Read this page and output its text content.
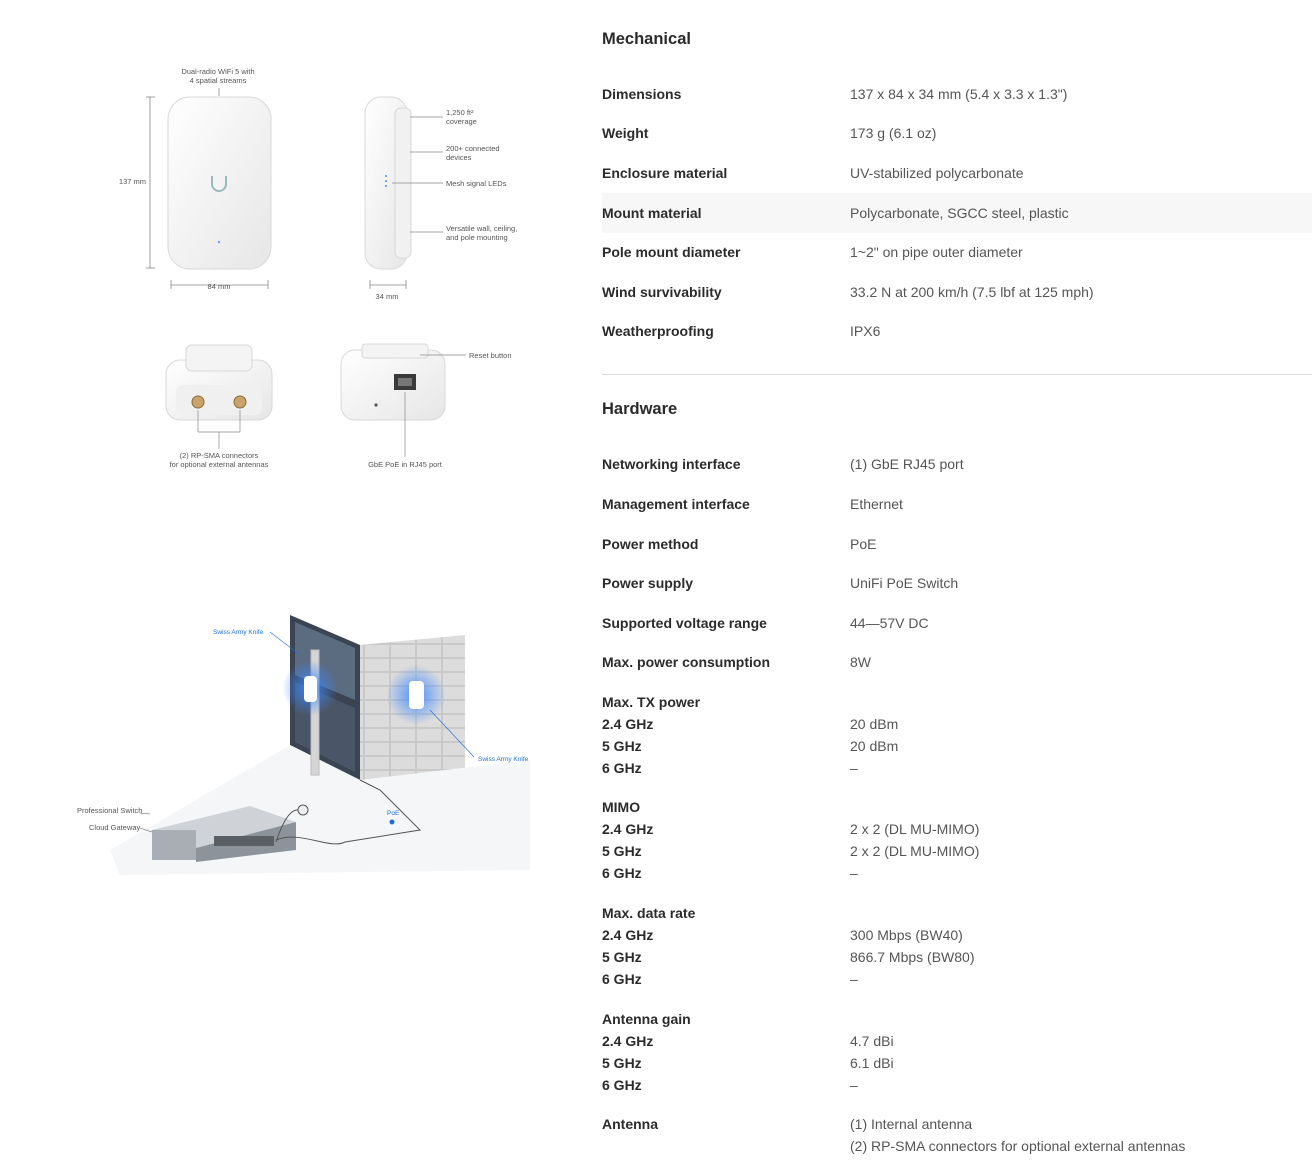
Dual-radio WiFi 5 with
4 spatial streams
137 mm
84 mm
1,250 ft²
coverage
200+ connected
devices
Mesh signal LEDs
Versatile wall, ceiling,
and pole mounting
34 mm
(2) RP-SMA connectors
for optional external antennas
Reset button
GbE PoE in RJ45 port
Swiss Army Knife
Swiss Army Knife
Professional Switch
Cloud Gateway
PoE
Mechanical
Dimensions	137 x 84 x 34 mm (5.4 x 3.3 x 1.3")
Weight	173 g (6.1 oz)
Enclosure material	UV-stabilized polycarbonate
Mount material	Polycarbonate, SGCC steel, plastic
Pole mount diameter	1~2" on pipe outer diameter
Wind survivability	33.2 N at 200 km/h (7.5 lbf at 125 mph)
Weatherproofing	IPX6
Hardware
Networking interface	(1) GbE RJ45 port
Management interface	Ethernet
Power method	PoE
Power supply	UniFi PoE Switch
Supported voltage range	44—57V DC
Max. power consumption	8W
Max. TX power
2.4 GHz	20 dBm
5 GHz	20 dBm
6 GHz	–
MIMO
2.4 GHz	2 x 2 (DL MU-MIMO)
5 GHz	2 x 2 (DL MU-MIMO)
6 GHz	–
Max. data rate
2.4 GHz	300 Mbps (BW40)
5 GHz	866.7 Mbps (BW80)
6 GHz	–
Antenna gain
2.4 GHz	4.7 dBi
5 GHz	6.1 dBi
6 GHz	–
Antenna	(1) Internal antenna
(2) RP-SMA connectors for optional external antennas
